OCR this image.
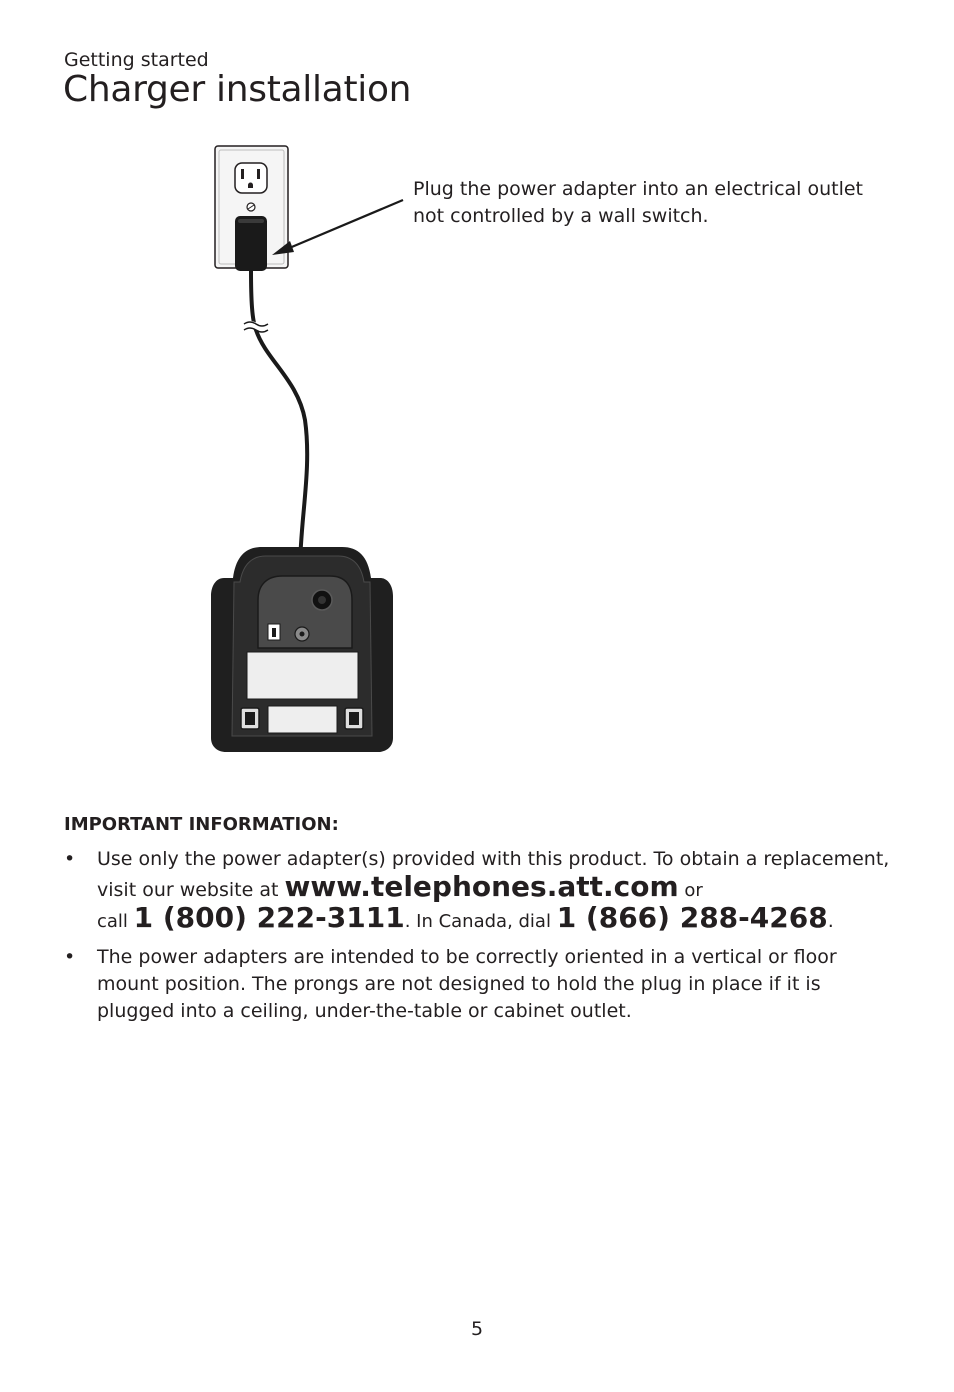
Getting started
Charger installation
Plug the power adapter into an electrical outlet not controlled by a wall switch.
IMPORTANT INFORMATION:
• Use only the power adapter(s) provided with this product. To obtain a replacement, visit our website at www.telephones.att.com or
call 1 (800) 222-3111. In Canada, dial 1 (866) 288-4268.
• The power adapters are intended to be correctly oriented in a vertical or floor mount position. The prongs are not designed to hold the plug in place if it is plugged into a ceiling, under-the-table or cabinet outlet.
5
